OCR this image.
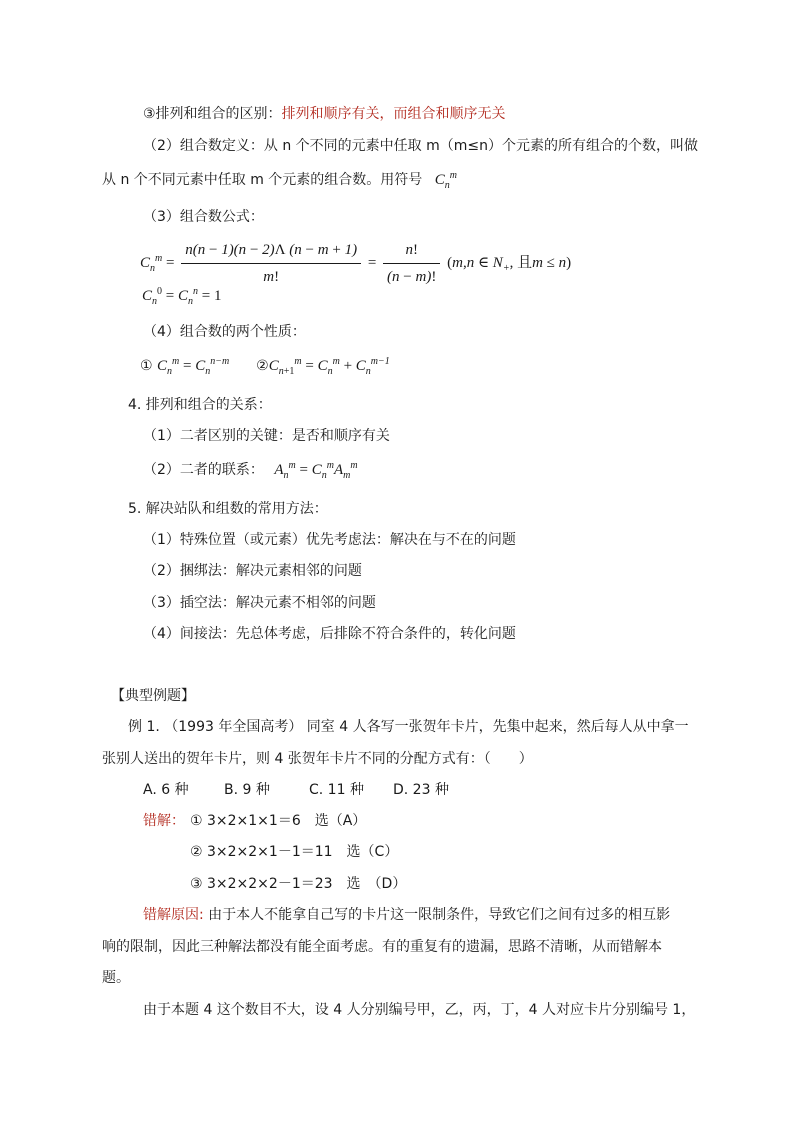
③排列和组合的区别：排列和顺序有关，而组合和顺序无关
（2）组合数定义：从 n 个不同的元素中任取 m（m≤n）个元素的所有组合的个数，叫做
从 n 个不同元素中任取 m 个元素的组合数。用符号 $C_n^m$
（3）组合数公式：
$C_n^m = \frac{n(n - 1)(n - 2)\Lambda (n - m + 1)}{m!} = \frac{n!}{(n - m)!} (m,n$ ∈ $N_+$, 且m ≤ n)
$C_n^0 = C_n^n = 1$
（4）组合数的两个性质：
① $C_n^m = C_n^{n-m}$ $②C_{n+1}^m = C_n^m + C_n^{m-1}$
4. 排列和组合的关系：
（1）二者区别的关键：是否和顺序有关
（2）二者的联系： $A_n^m = C_n^mA_m^m$
5. 解决站队和组数的常用方法：
（1）特殊位置（或元素）优先考虑法：解决在与不在的问题
（2）捆绑法：解决元素相邻的问题
（3）插空法：解决元素不相邻的问题
（4）间接法：先总体考虑，后排除不符合条件的，转化问题
【典型例题】
例 1. （1993 年全国高考） 同室 4 人各写一张贺年卡片，先集中起来，然后每人从中拿一
张别人送出的贺年卡片，则 4 张贺年卡片不同的分配方式有：（　　）
A. 6 种	B. 9 种	C. 11 种 D. 23 种
错解： ① 3×2×1×1＝6　选（A）
② 3×2×2×1－1＝11　选（C）
③ 3×2×2×2－1＝23　选　（D）
错解原因: 由于本人不能拿自己写的卡片这一限制条件，导致它们之间有过多的相互影
响的限制，因此三种解法都没有能全面考虑。有的重复有的遗漏，思路不清晰，从而错解本
题。
由于本题 4 这个数目不大，设 4 人分别编号甲，乙，丙，丁，4 人对应卡片分别编号 1，
